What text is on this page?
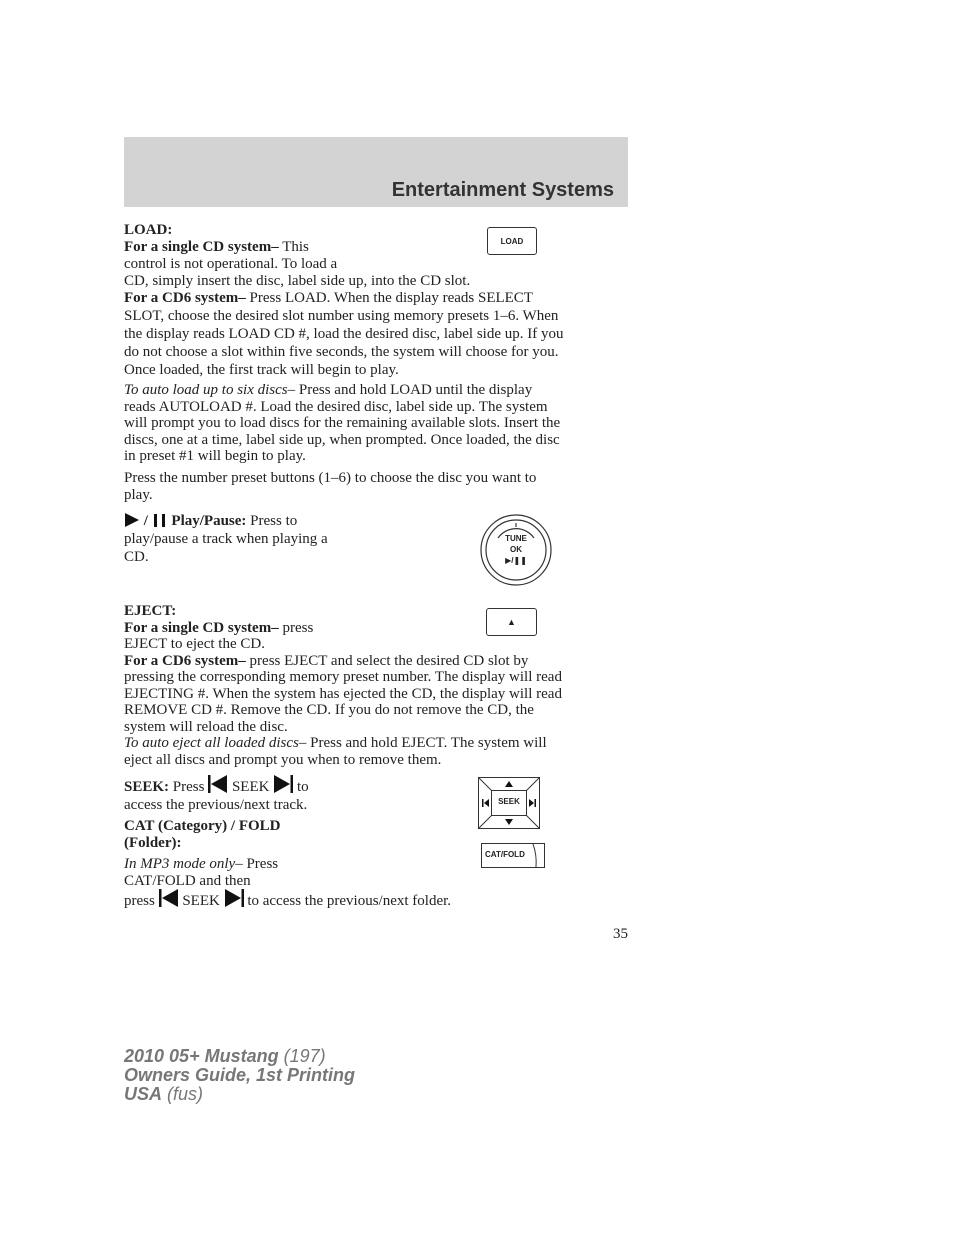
Entertainment Systems
LOAD:
For a single CD system– This
control is not operational. To load a
CD, simply insert the disc, label side up, into the CD slot.
For a CD6 system– Press LOAD. When the display reads SELECT
SLOT, choose the desired slot number using memory presets 1–6. When
the display reads LOAD CD #, load the desired disc, label side up. If you
do not choose a slot within five seconds, the system will choose for you.
Once loaded, the first track will begin to play.
LOAD
To auto load up to six discs– Press and hold LOAD until the display
reads AUTOLOAD #. Load the desired disc, label side up. The system
will prompt you to load discs for the remaining available slots. Insert the
discs, one at a time, label side up, when prompted. Once loaded, the disc
in preset #1 will begin to play.
Press the number preset buttons (1–6) to choose the disc you want to
play.
/ Play/Pause: Press to
play/pause a track when playing a
CD.
TUNE
OK
▶/❚❚
EJECT:
For a single CD system– press
EJECT to eject the CD.
For a CD6 system– press EJECT and select the desired CD slot by
pressing the corresponding memory preset number. The display will read
EJECTING #. When the system has ejected the CD, the display will read
REMOVE CD #. Remove the CD. If you do not remove the CD, the
system will reload the disc.
To auto eject all loaded discs– Press and hold EJECT. The system will
eject all discs and prompt you when to remove them.
▲
SEEK: Press  SEEK  to
access the previous/next track.	SEEK
CAT (Category) / FOLD
(Folder):
In MP3 mode only– Press
CAT/FOLD and then
press  SEEK  to access the previous/next folder.
CAT/FOLD
35
2010 05+ Mustang (197)
Owners Guide, 1st Printing
USA (fus)
